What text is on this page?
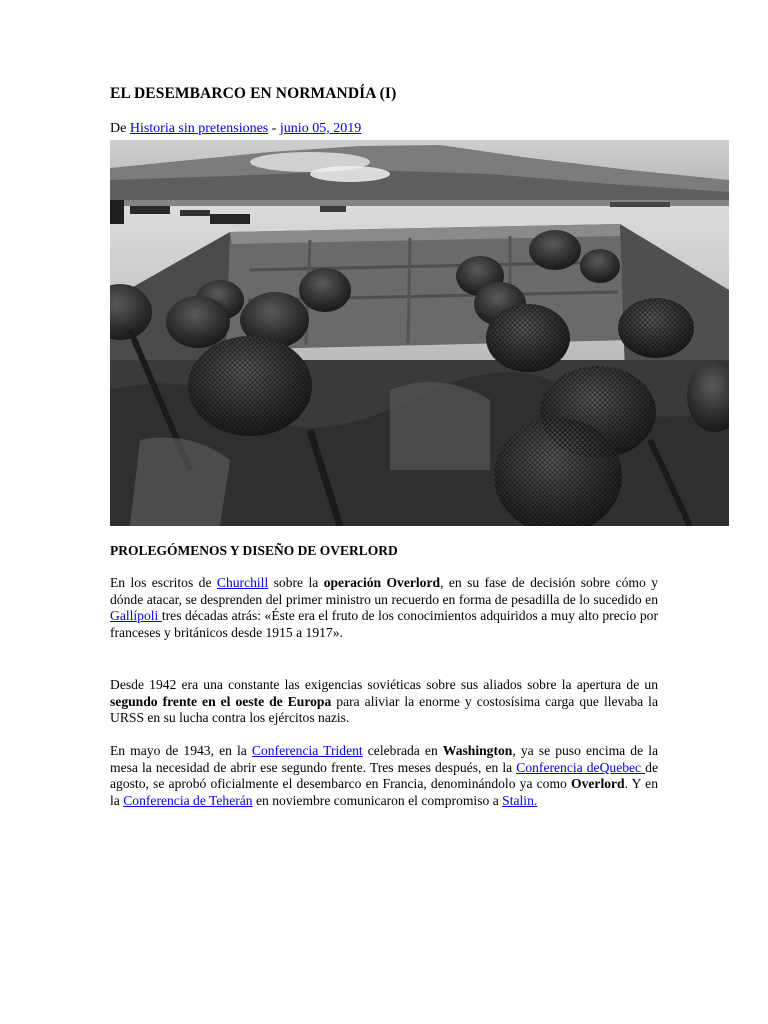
EL DESEMBARCO EN NORMANDÍA (I)
De Historia sin pretensiones - junio 05, 2019
PROLEGÓMENOS Y DISEÑO DE OVERLORD

En los escritos de Churchill sobre la operación Overlord, en su fase de decisión sobre cómo y dónde atacar, se desprenden del primer ministro un recuerdo en forma de pesadilla de lo sucedido en Gallípoli tres décadas atrás: «Éste era el fruto de los conocimientos adquiridos a muy alto precio por franceses y británicos desde 1915 a 1917».

Desde 1942 era una constante las exigencias soviéticas sobre sus aliados sobre la apertura de un segundo frente en el oeste de Europa para aliviar la enorme y costosísima carga que llevaba la URSS en su lucha contra los ejércitos nazis.

En mayo de 1943, en la Conferencia Trident celebrada en Washington, ya se puso encima de la mesa la necesidad de abrir ese segundo frente. Tres meses después, en la Conferencia deQuebec de agosto, se aprobó oficialmente el desembarco en Francia, denominándolo ya como Overlord. Y en la Conferencia de Teherán en noviembre comunicaron el compromiso a Stalin.
